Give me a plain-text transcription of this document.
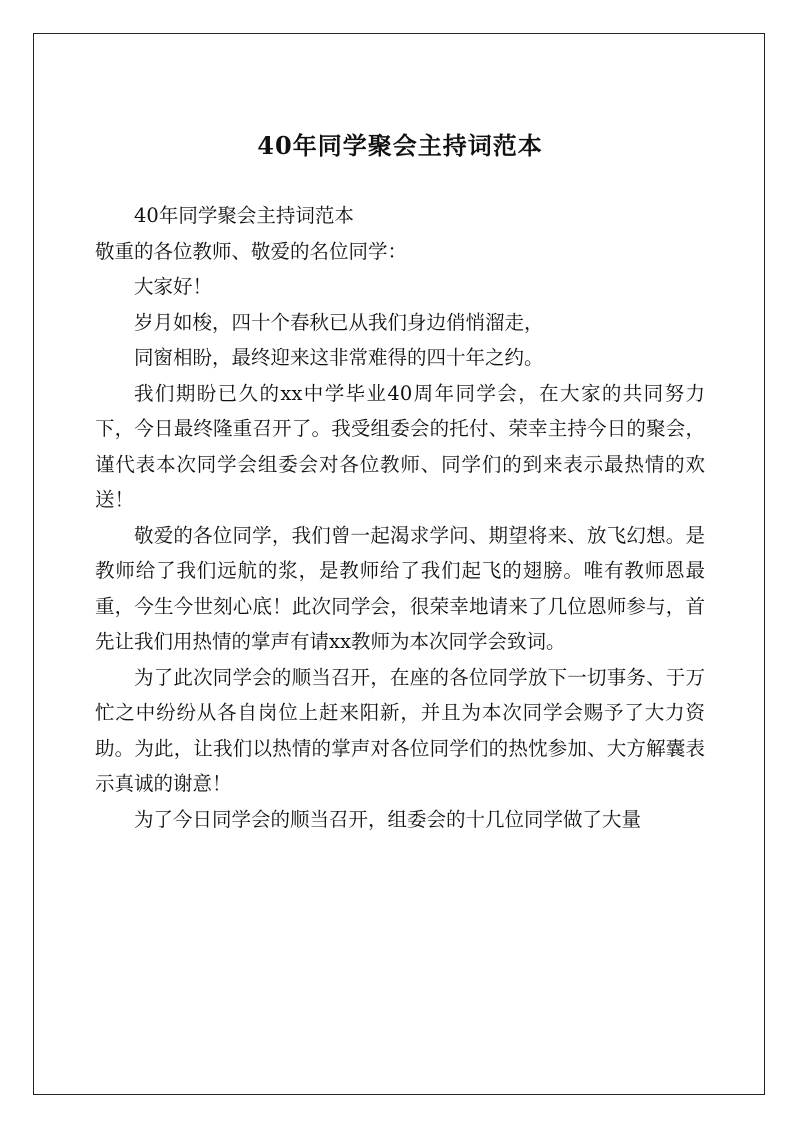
40年同学聚会主持词范本

40年同学聚会主持词范本

敬重的各位教师、敬爱的名位同学：

大家好！

岁月如梭，四十个春秋已从我们身边俏悄溜走，

同窗相盼，最终迎来这非常难得的四十年之约。

我们期盼已久的xx中学毕业40周年同学会，在大家的共同努力下，今日最终隆重召开了。我受组委会的托付、荣幸主持今日的聚会，谨代表本次同学会组委会对各位教师、同学们的到来表示最热情的欢送！

敬爱的各位同学，我们曾一起渴求学问、期望将来、放飞幻想。是教师给了我们远航的浆，是教师给了我们起飞的翅膀。唯有教师恩最重，今生今世刻心底！此次同学会，很荣幸地请来了几位恩师参与，首先让我们用热情的掌声有请xx教师为本次同学会致词。

为了此次同学会的顺当召开，在座的各位同学放下一切事务、于万忙之中纷纷从各自岗位上赶来阳新，并且为本次同学会赐予了大力资助。为此，让我们以热情的掌声对各位同学们的热忱参加、大方解囊表示真诚的谢意！

为了今日同学会的顺当召开，组委会的十几位同学做了大量
